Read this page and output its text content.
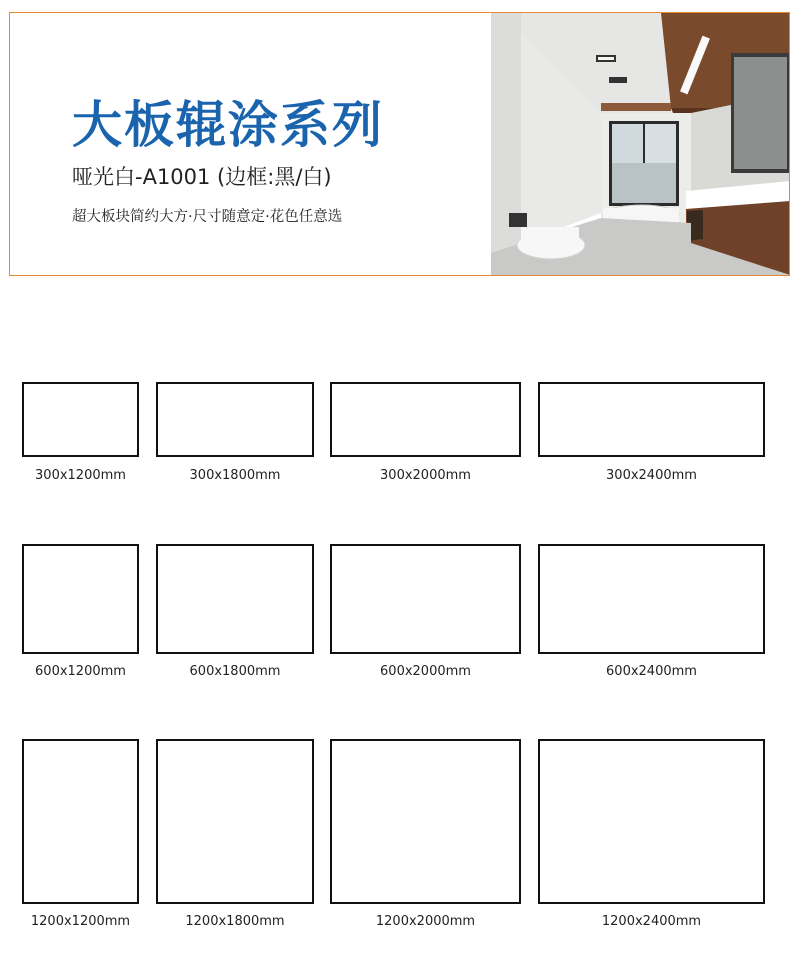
大板辊涂系列
哑光白-A1001 (边框:黑/白)
超大板块简约大方·尺寸随意定·花色任意选
300x1200mm	300x1800mm	300x2000mm	300x2400mm
600x1200mm	600x1800mm	600x2000mm	600x2400mm
1200x1200mm	1200x1800mm	1200x2000mm	1200x2400mm
